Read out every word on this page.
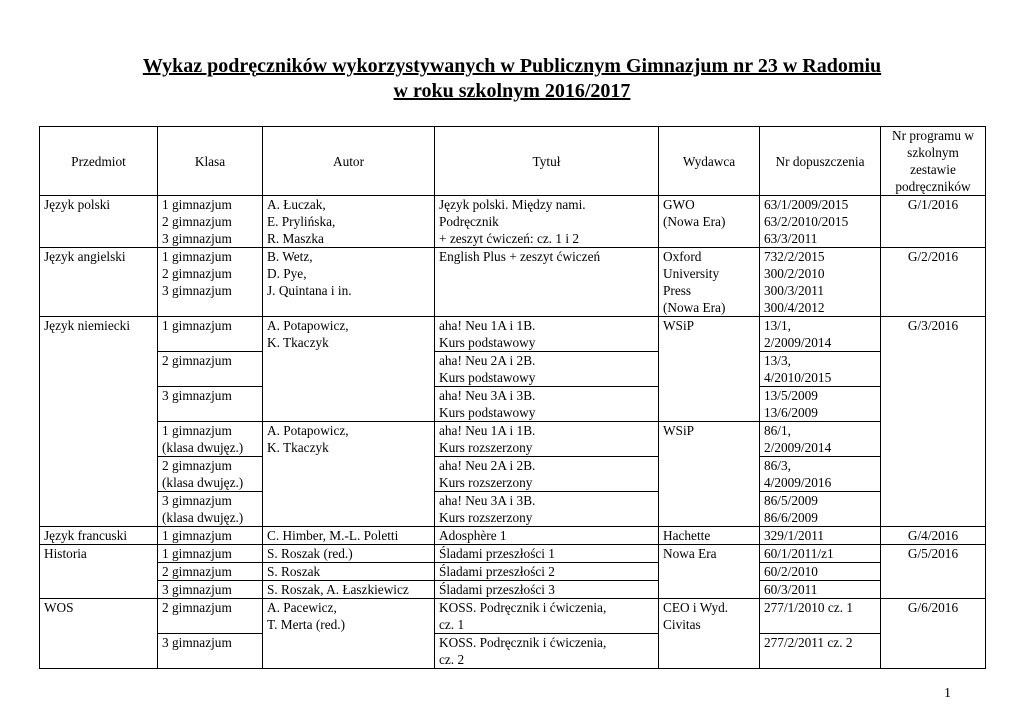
Wykaz podręczników wykorzystywanych w Publicznym Gimnazjum nr 23 w Radomiu
w roku szkolnym 2016/2017
Przedmiot	Klasa	Autor	Tytuł	Wydawca	Nr dopuszczenia	Nr programu w szkolnym zestawie podręczników
Język polski	1 gimnazjum
2 gimnazjum
3 gimnazjum	A. Łuczak,
E. Prylińska,
R. Maszka	Język polski. Między nami.
Podręcznik
+ zeszyt ćwiczeń: cz. 1 i 2	GWO
(Nowa Era)	63/1/2009/2015
63/2/2010/2015
63/3/2011	G/1/2016
Język angielski	1 gimnazjum
2 gimnazjum
3 gimnazjum	B. Wetz,
D. Pye,
J. Quintana i in.	English Plus + zeszyt ćwiczeń	Oxford
University
Press
(Nowa Era)	732/2/2015
300/2/2010
300/3/2011
300/4/2012	G/2/2016
Język niemiecki	1 gimnazjum	A. Potapowicz,
K. Tkaczyk	aha! Neu 1A i 1B.
Kurs podstawowy	WSiP	13/1,
2/2009/2014	G/3/2016
	2 gimnazjum		aha! Neu 2A i 2B.
Kurs podstawowy		13/3,
4/2010/2015	
	3 gimnazjum		aha! Neu 3A i 3B.
Kurs podstawowy		13/5/2009
13/6/2009	
	1 gimnazjum
(klasa dwujęz.)	A. Potapowicz,
K. Tkaczyk	aha! Neu 1A i 1B.
Kurs rozszerzony	WSiP	86/1,
2/2009/2014	
	2 gimnazjum
(klasa dwujęz.)		aha! Neu 2A i 2B.
Kurs rozszerzony		86/3,
4/2009/2016	
	3 gimnazjum
(klasa dwujęz.)		aha! Neu 3A i 3B.
Kurs rozszerzony		86/5/2009
86/6/2009	
Język francuski	1 gimnazjum	C. Himber, M.-L. Poletti	Adosphère 1	Hachette	329/1/2011	G/4/2016
Historia	1 gimnazjum	S. Roszak (red.)	Śladami przeszłości 1	Nowa Era	60/1/2011/z1	G/5/2016
	2 gimnazjum	S. Roszak	Śladami przeszłości 2		60/2/2010	
	3 gimnazjum	S. Roszak, A. Łaszkiewicz	Śladami przeszłości 3		60/3/2011	
WOS	2 gimnazjum	A. Pacewicz,
T. Merta (red.)	KOSS. Podręcznik i ćwiczenia,
cz. 1	CEO i Wyd.
Civitas	277/1/2010 cz. 1	G/6/2016
	3 gimnazjum		KOSS. Podręcznik i ćwiczenia,
cz. 2		277/2/2011 cz. 2	
1
